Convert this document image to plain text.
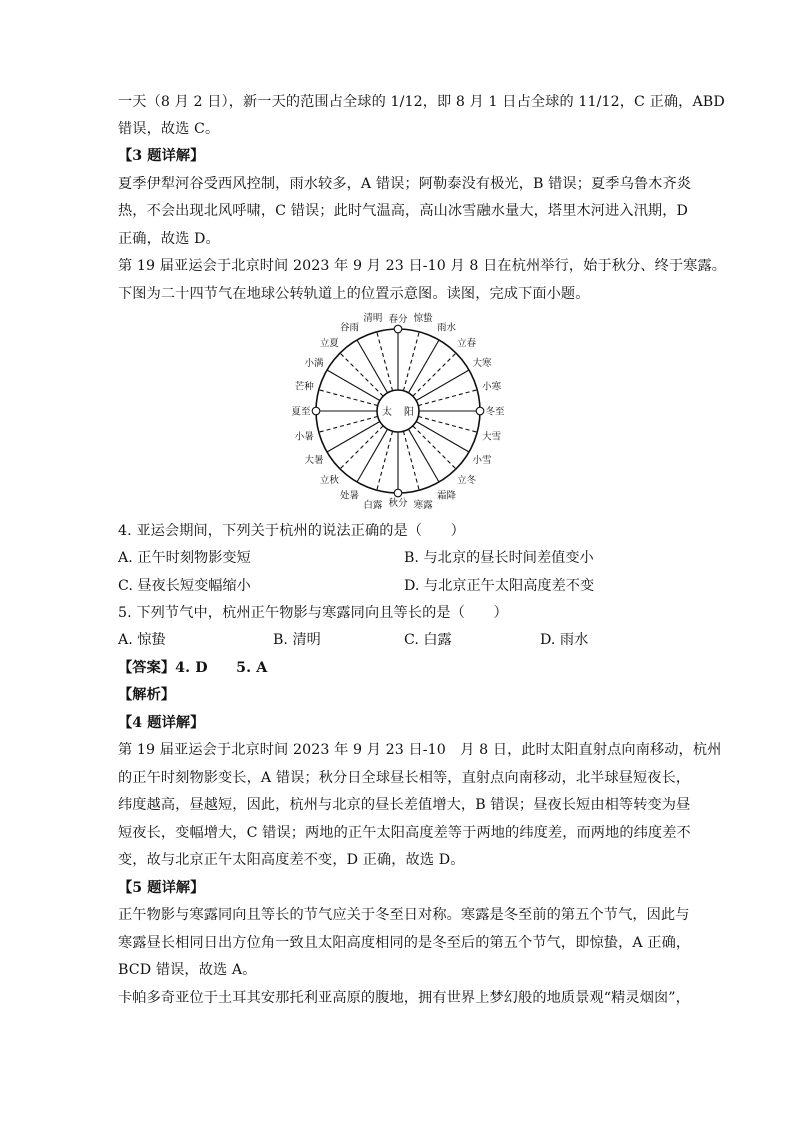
一天（8 月 2 日），新一天的范围占全球的 1/12，即 8 月 1 日占全球的 11/12，C 正确，ABD
错误，故选 C。
【3 题详解】
夏季伊犁河谷受西风控制，雨水较多，A 错误；阿勒泰没有极光，B 错误；夏季乌鲁木齐炎
热，不会出现北风呼啸，C 错误；此时气温高，高山冰雪融水量大，塔里木河进入汛期，D
正确，故选 D。
第 19 届亚运会于北京时间 2023 年 9 月 23 日-10 月 8 日在杭州举行，始于秋分、终于寒露。
下图为二十四节气在地球公转轨道上的位置示意图。读图，完成下面小题。
太 阳
春分 惊蛰
雨水
立春
大寒
小寒
冬至
大雪
小雪
立冬
霜降
寒露
秋分
白露
处暑
立秋
大暑
小暑
夏至
芒种
小满
立夏
谷雨
清明
4. 亚运会期间，下列关于杭州的说法正确的是（　　）
A. 正午时刻物影变短	B. 与北京的昼长时间差值变小
C. 昼夜长短变幅缩小	D. 与北京正午太阳高度差不变
5. 下列节气中，杭州正午物影与寒露同向且等长的是（　　）
A. 惊蛰	B. 清明	C. 白露	D. 雨水
【答案】4. D　　5. A
【解析】
【4 题详解】
第 19 届亚运会于北京时间 2023 年 9 月 23 日-10　月 8 日，此时太阳直射点向南移动，杭州
的正午时刻物影变长，A 错误；秋分日全球昼长相等，直射点向南移动，北半球昼短夜长，
纬度越高，昼越短，因此，杭州与北京的昼长差值增大，B 错误；昼夜长短由相等转变为昼
短夜长，变幅增大，C 错误；两地的正午太阳高度差等于两地的纬度差，而两地的纬度差不
变，故与北京正午太阳高度差不变，D 正确，故选 D。
【5 题详解】
正午物影与寒露同向且等长的节气应关于冬至日对称。寒露是冬至前的第五个节气，因此与
寒露昼长相同日出方位角一致且太阳高度相同的是冬至后的第五个节气，即惊蛰，A 正确，
BCD 错误，故选 A。
卡帕多奇亚位于土耳其安那托利亚高原的腹地，拥有世界上梦幻般的地质景观“精灵烟囱”，
